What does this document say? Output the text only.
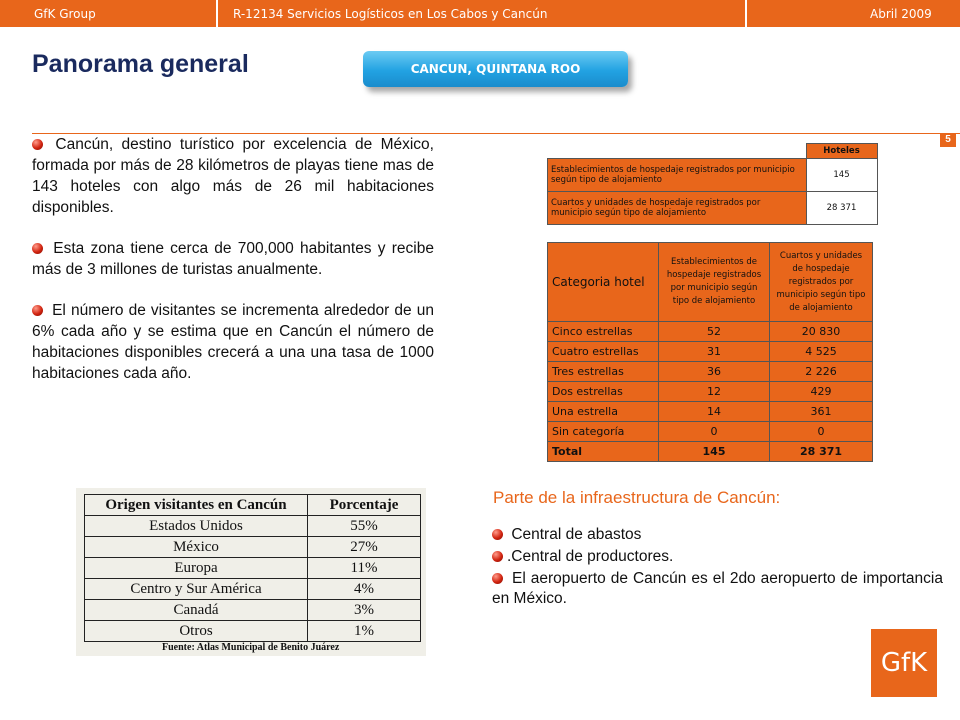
GfK Group	R-12134 Servicios Logísticos en Los Cabos y Cancún	Abril 2009
Panorama general	CANCUN, QUINTANA ROO
5

Cancún, destino turístico por excelencia de México, formada por más de 28 kilómetros de playas tiene mas de 143 hoteles con algo más de 26 mil habitaciones disponibles.

Esta zona tiene cerca de 700,000 habitantes y recibe más de 3 millones de turistas anualmente.

El número de visitantes se incrementa alrededor de un 6% cada año y se estima que en Cancún el número de habitaciones disponibles crecerá a una una tasa de 1000 habitaciones cada año.

	Hoteles
Establecimientos de hospedaje registrados por municipio según tipo de alojamiento	145
Cuartos y unidades de hospedaje registrados por municipio según tipo de alojamiento	28 371
Categoria hotel	Establecimientos de hospedaje registrados por municipio según tipo de alojamiento	Cuartos y unidades de hospedaje registrados por municipio según tipo de alojamiento
Cinco estrellas	52	20 830
Cuatro estrellas	31	4 525
Tres estrellas	36	2 226
Dos estrellas	12	429
Una estrella	14	361
Sin categoría	0	0
Total	145	28 371
Origen visitantes en Cancún	Porcentaje
Estados Unidos	55%
México	27%
Europa	11%
Centro y Sur América	4%
Canadá	3%
Otros	1%
Fuente: Atlas Municipal de Benito Juárez
Parte de la infraestructura de Cancún:

Central de abastos

.Central de productores.

El aeropuerto de Cancún es el 2do aeropuerto de importancia en México.

GfK
